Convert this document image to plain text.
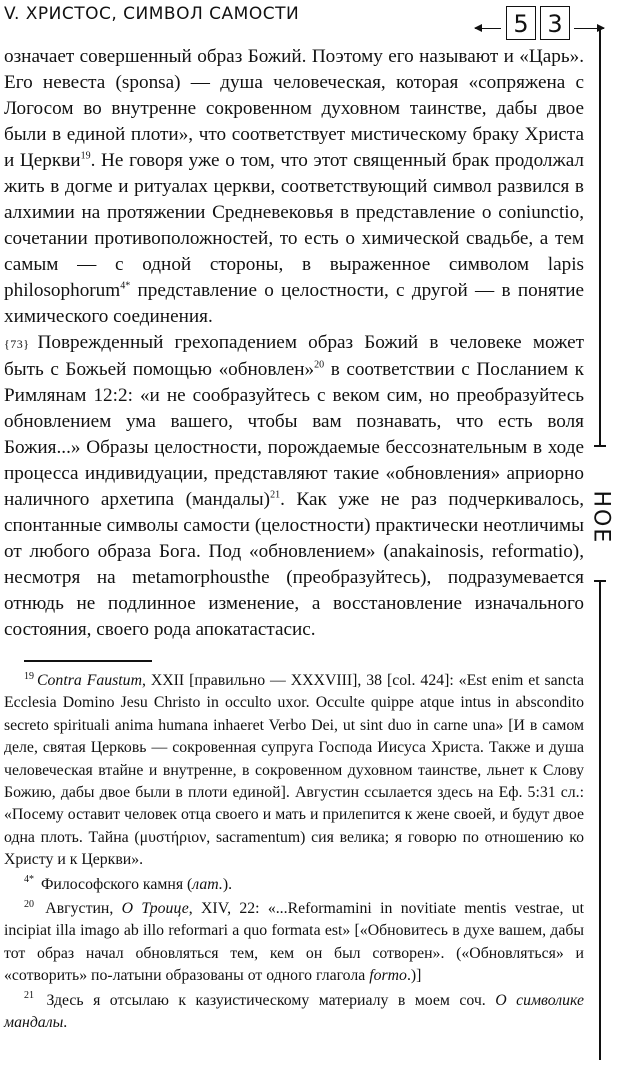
V. ХРИСТОС, СИМВОЛ САМОСТИ	5 3
НОЕ

означает совершенный образ Божий. Поэтому его называют и «Царь». Его невеста (sponsa) — душа человеческая, которая «сопряжена с Логосом во внутренне сокровенном духовном таинстве, дабы двое были в единой плоти», что соответствует мистическому браку Христа и Церкви$^{19}$. Не говоря уже о том, что этот священный брак продолжал жить в догме и ритуалах церкви, соответствующий символ развился в алхимии на протяжении Средневековья в представление о coniunctio, сочетании противоположностей, то есть о химической свадьбе, а тем самым — с одной стороны, в выраженное символом lapis philosophorum$^{4*}$ представление о целостности, с другой — в понятие химического соединения.

{73} Поврежденный грехопадением образ Божий в человеке может быть с Божьей помощью «обновлен»$^{20}$ в соответствии с Посланием к Римлянам 12:2: «и не сообразуйтесь с веком сим, но преобразуйтесь обновлением ума вашего, чтобы вам познавать, что есть воля Божия...» Образы целостности, порождаемые бессознательным в ходе процесса индивидуации, представляют такие «обновления» априорно наличного архетипа (мандалы)$^{21}$. Как уже не раз подчеркивалось, спонтанные символы самости (целостности) практически неотличимы от любого образа Бога. Под «обновлением» (anakainosis, reformatio), несмотря на metamorphousthe (преобразуйтесь), подразумевается отнюдь не подлинное изменение, а восстановление изначального состояния, своего рода апокатастасис.

$^{19}$ Contra Faustum, XXII [правильно — XXXVIII], 38 [col. 424]: «Est enim et sancta Ecclesia Domino Jesu Christo in occulto uxor. Occulte quippe atque intus in abscondito secreto spirituali anima humana inhaeret Verbo Dei, ut sint duo in carne una» [И в самом деле, святая Церковь — сокровенная супруга Господа Иисуса Христа. Также и душа человеческая втайне и внутренне, в сокровенном духовном таинстве, льнет к Слову Божию, дабы двое были в плоти единой]. Августин ссылается здесь на Еф. 5:31 сл.: «Посему оставит человек отца своего и мать и прилепится к жене своей, и будут двое одна плоть. Тайна (μυστήριον, sacramentum) сия велика; я говорю по отношению ко Христу и к Церкви».

$^{4*}$ Философского камня (лат.).

$^{20}$ Августин, О Троице, XIV, 22: «...Reformamini in novitiate mentis vestrae, ut incipiat illa imago ab illo reformari a quo formata est» [«Обновитесь в духе вашем, дабы тот образ начал обновляться тем, кем он был сотворен». («Обновляться» и «сотворить» по-латыни образованы от одного глагола formo.)]

$^{21}$ Здесь я отсылаю к казуистическому материалу в моем соч. О символике мандалы.
